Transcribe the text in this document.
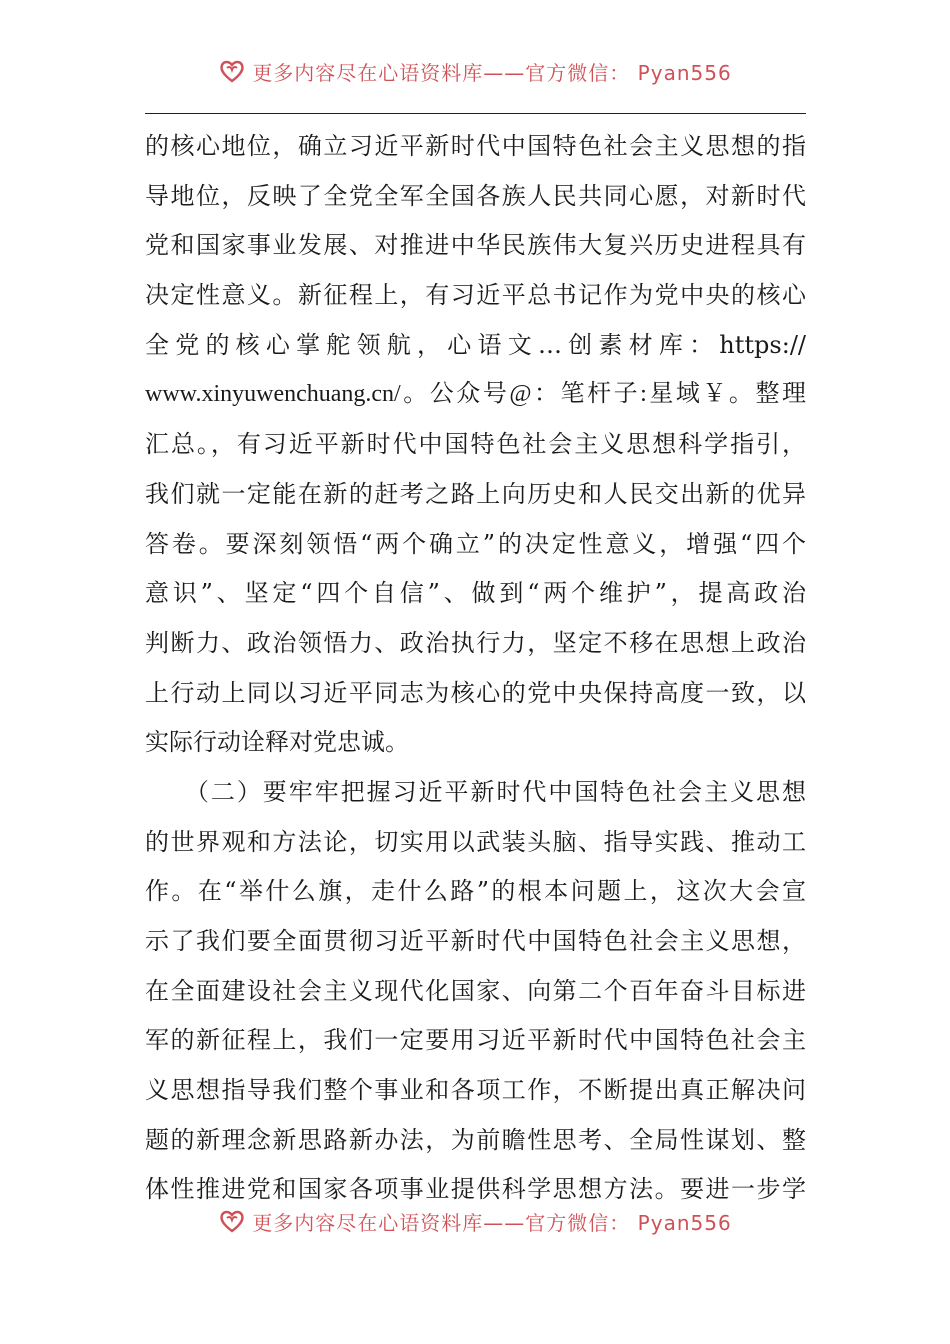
更多内容尽在心语资料库——官方微信： Pyan556
的核心地位，确立习近平新时代中国特色社会主义思想的指
导地位，反映了全党全军全国各族人民共同心愿，对新时代
党和国家事业发展、对推进中华民族伟大复兴历史进程具有
决定性意义。新征程上，有习近平总书记作为党中央的核心
全党的核心掌舵领航，心语文…创素材库：https://
www.xinyuwenchuang.cn/。公众号@：笔杆子:星域￥。整理
汇总。，有习近平新时代中国特色社会主义思想科学指引，
我们就一定能在新的赶考之路上向历史和人民交出新的优异
答卷。要深刻领悟“两个确立”的决定性意义，增强“四个
意识”、坚定“四个自信”、做到“两个维护”，提高政治
判断力、政治领悟力、政治执行力，坚定不移在思想上政治
上行动上同以习近平同志为核心的党中央保持高度一致，以
实际行动诠释对党忠诚。
　　（二）要牢牢把握习近平新时代中国特色社会主义思想
的世界观和方法论，切实用以武装头脑、指导实践、推动工
作。在“举什么旗，走什么路”的根本问题上，这次大会宣
示了我们要全面贯彻习近平新时代中国特色社会主义思想，
在全面建设社会主义现代化国家、向第二个百年奋斗目标进
军的新征程上，我们一定要用习近平新时代中国特色社会主
义思想指导我们整个事业和各项工作，不断提出真正解决问
题的新理念新思路新办法，为前瞻性思考、全局性谋划、整
体性推进党和国家各项事业提供科学思想方法。要进一步学
更多内容尽在心语资料库——官方微信： Pyan556
